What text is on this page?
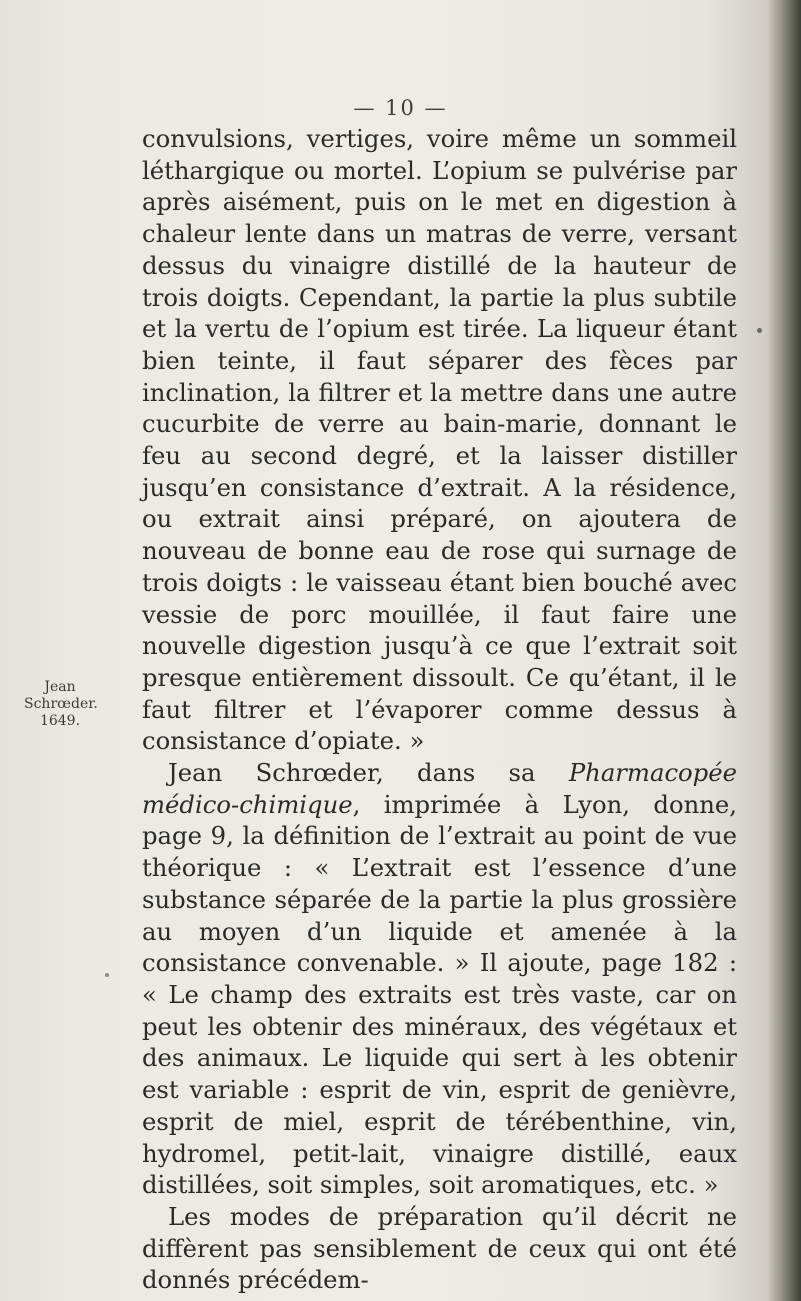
— 10 —
Jean
Schrœder.
1649.

convulsions, vertiges, voire même un sommeil léthargique ou mortel. L’opium se pulvérise par après aisément, puis on le met en digestion à chaleur lente dans un matras de verre, versant dessus du vinaigre distillé de la hauteur de trois doigts. Cependant, la partie la plus subtile et la vertu de l’opium est tirée. La liqueur étant bien teinte, il faut séparer des fèces par inclination, la filtrer et la mettre dans une autre cucurbite de verre au bain-marie, donnant le feu au second degré, et la laisser distiller jusqu’en consistance d’extrait. A la résidence, ou extrait ainsi préparé, on ajoutera de nouveau de bonne eau de rose qui surnage de trois doigts : le vaisseau étant bien bouché avec vessie de porc mouillée, il faut faire une nouvelle digestion jusqu’à ce que l’extrait soit presque entièrement dissoult. Ce qu’étant, il le faut filtrer et l’évaporer comme dessus à consistance d’opiate. »

Jean Schrœder, dans sa Pharmacopée médico-chimique, imprimée à Lyon, donne, page 9, la définition de l’extrait au point de vue théorique : « L’extrait est l’essence d’une substance séparée de la partie la plus grossière au moyen d’un liquide et amenée à la consistance convenable. » Il ajoute, page 182 : « Le champ des extraits est très vaste, car on peut les obtenir des minéraux, des végétaux et des animaux. Le liquide qui sert à les obtenir est variable : esprit de vin, esprit de genièvre, esprit de miel, esprit de térébenthine, vin, hydromel, petit-lait, vinaigre distillé, eaux distillées, soit simples, soit aromatiques, etc. »

Les modes de préparation qu’il décrit ne diffèrent pas sensiblement de ceux qui ont été donnés précédem-
